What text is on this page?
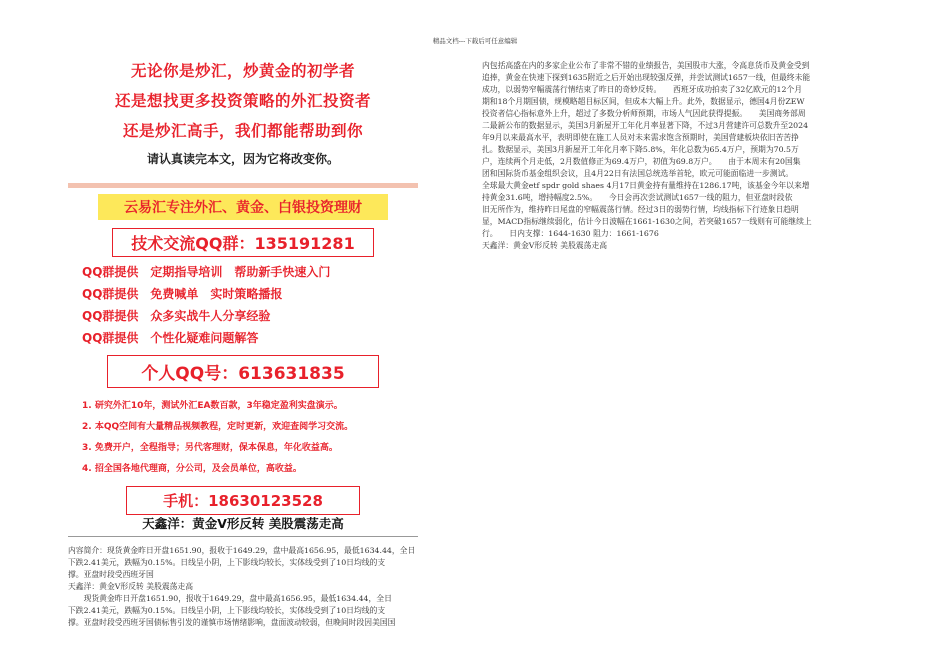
精品文档---下载后可任意编辑
无论你是炒汇，炒黄金的初学者
还是想找更多投资策略的外汇投资者
还是炒汇高手，我们都能帮助到你
请认真读完本文，因为它将改变你。
云易汇专注外汇、黄金、白银投资理财
技术交流QQ群：135191281
QQ群提供　定期指导培训　帮助新手快速入门
QQ群提供　免费喊单　实时策略播报
QQ群提供　众多实战牛人分享经验
QQ群提供　个性化疑难问题解答
个人QQ号：613631835
1. 研究外汇10年，测试外汇EA数百款，3年稳定盈利实盘演示。
2. 本QQ空间有大量精品视频教程，定时更新，欢迎查阅学习交流。
3. 免费开户，全程指导；另代客理财，保本保息，年化收益高。
4. 招全国各地代理商，分公司，及会员单位，高收益。
手机：18630123528
天鑫洋：黄金V形反转 美股震荡走高
内容简介：现货黄金昨日开盘1651.90，报收于1649.29，盘中最高1656.95，最低1634.44，全日
下跌2.41美元，跌幅为0.15%。日线呈小阴，上下影线均较长，实体线受到了10日均线的支
撑。亚盘时段受西班牙国
天鑫洋：黄金V形反转 美股震荡走高
　　现货黄金昨日开盘1651.90，报收于1649.29，盘中最高1656.95，最低1634.44，全日
下跌2.41美元，跌幅为0.15%。日线呈小阴，上下影线均较长，实体线受到了10日均线的支
撑。亚盘时段受西班牙国债标售引发的谨慎市场情绪影响，盘面波动较弱，但晚间时段因美国国
内包括高盛在内的多家企业公布了非常不错的业绩报告，美国股市大涨，令高息货币及黄金受到
追捧，黄金在快速下探到1635附近之后开始出现较强反弹，并尝试测试1657一线，但最终未能
成功，以弱势窄幅震荡行情结束了昨日的奇妙反转。　　西班牙成功拍卖了32亿欧元的12个月
期和18个月期国债，规模略超目标区间，但成本大幅上升。此外，数据显示，德国4月份ZEW
投资者信心指标意外上升，超过了多数分析师预期，市场人气因此获得提振。　　美国商务部周
二最新公布的数据显示，美国3月新屋开工年化月率显著下降，不过3月营建许可总数升至2024
年9月以来最高水平，表明即使在施工人员对未来需求饱含预期时，美国营建板块依旧苦苦挣
扎。数据显示，美国3月新屋开工年化月率下降5.8%，年化总数为65.4万户，预期为70.5万
户，连续两个月走低，2月数值修正为69.4万户，初值为69.8万户。　　由于本周末有20国集
团和国际货币基金组织会议，且4月22日有法国总统选举首轮，欧元可能面临进一步测试。
全球最大黄金etf spdr gold shaes 4月17日黄金持有量维持在1286.17吨，该基金今年以来增
持黄金31.6吨，增持幅度2.5%。　　今日会再次尝试测试1657一线的阻力，但亚盘时段依
旧无所作为，维持昨日尾盘的窄幅震荡行情。经过3日的弱势行情，均线指标下行迹象日趋明
显，MACD指标继续弱化，估计今日波幅在1661-1630之间，若突破1657一线则有可能继续上
行。　　日内支撑：1644-1630 阻力：1661-1676
天鑫洋：黄金V形反转 美股震荡走高
